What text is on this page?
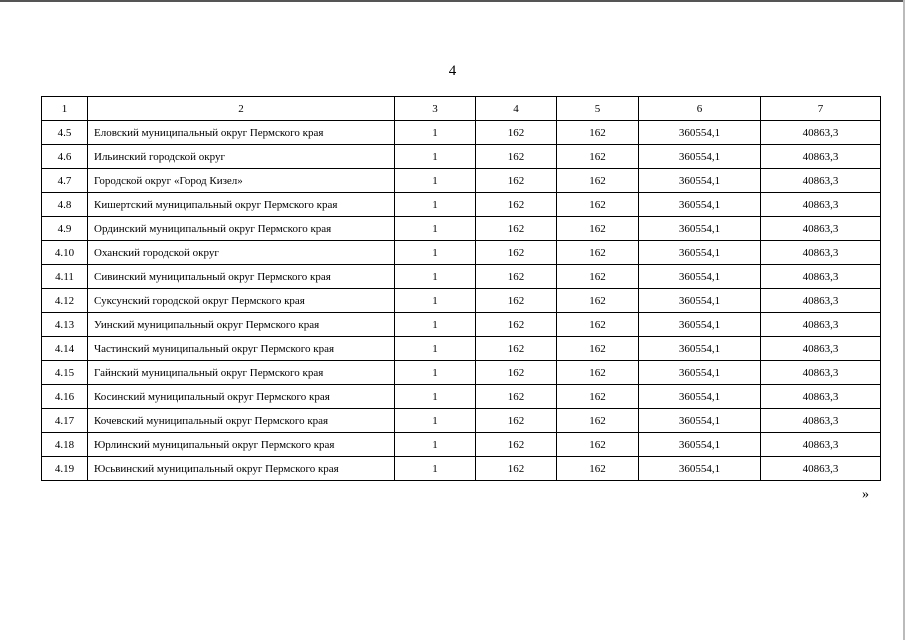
4
1	2	3	4	5	6	7
4.5	Еловский муниципальный округ Пермского края	1	162	162	360554,1	40863,3
4.6	Ильинский городской округ	1	162	162	360554,1	40863,3
4.7	Городской округ «Город Кизел»	1	162	162	360554,1	40863,3
4.8	Кишертский муниципальный округ Пермского края	1	162	162	360554,1	40863,3
4.9	Ординский муниципальный округ Пермского края	1	162	162	360554,1	40863,3
4.10	Оханский городской округ	1	162	162	360554,1	40863,3
4.11	Сивинский муниципальный округ Пермского края	1	162	162	360554,1	40863,3
4.12	Суксунский городской округ Пермского края	1	162	162	360554,1	40863,3
4.13	Уинский муниципальный округ Пермского края	1	162	162	360554,1	40863,3
4.14	Частинский муниципальный округ Пермского края	1	162	162	360554,1	40863,3
4.15	Гайнский муниципальный округ Пермского края	1	162	162	360554,1	40863,3
4.16	Косинский муниципальный округ Пермского края	1	162	162	360554,1	40863,3
4.17	Кочевский муниципальный округ Пермского края	1	162	162	360554,1	40863,3
4.18	Юрлинский муниципальный округ Пермского края	1	162	162	360554,1	40863,3
4.19	Юсьвинский муниципальный округ Пермского края	1	162	162	360554,1	40863,3
»
